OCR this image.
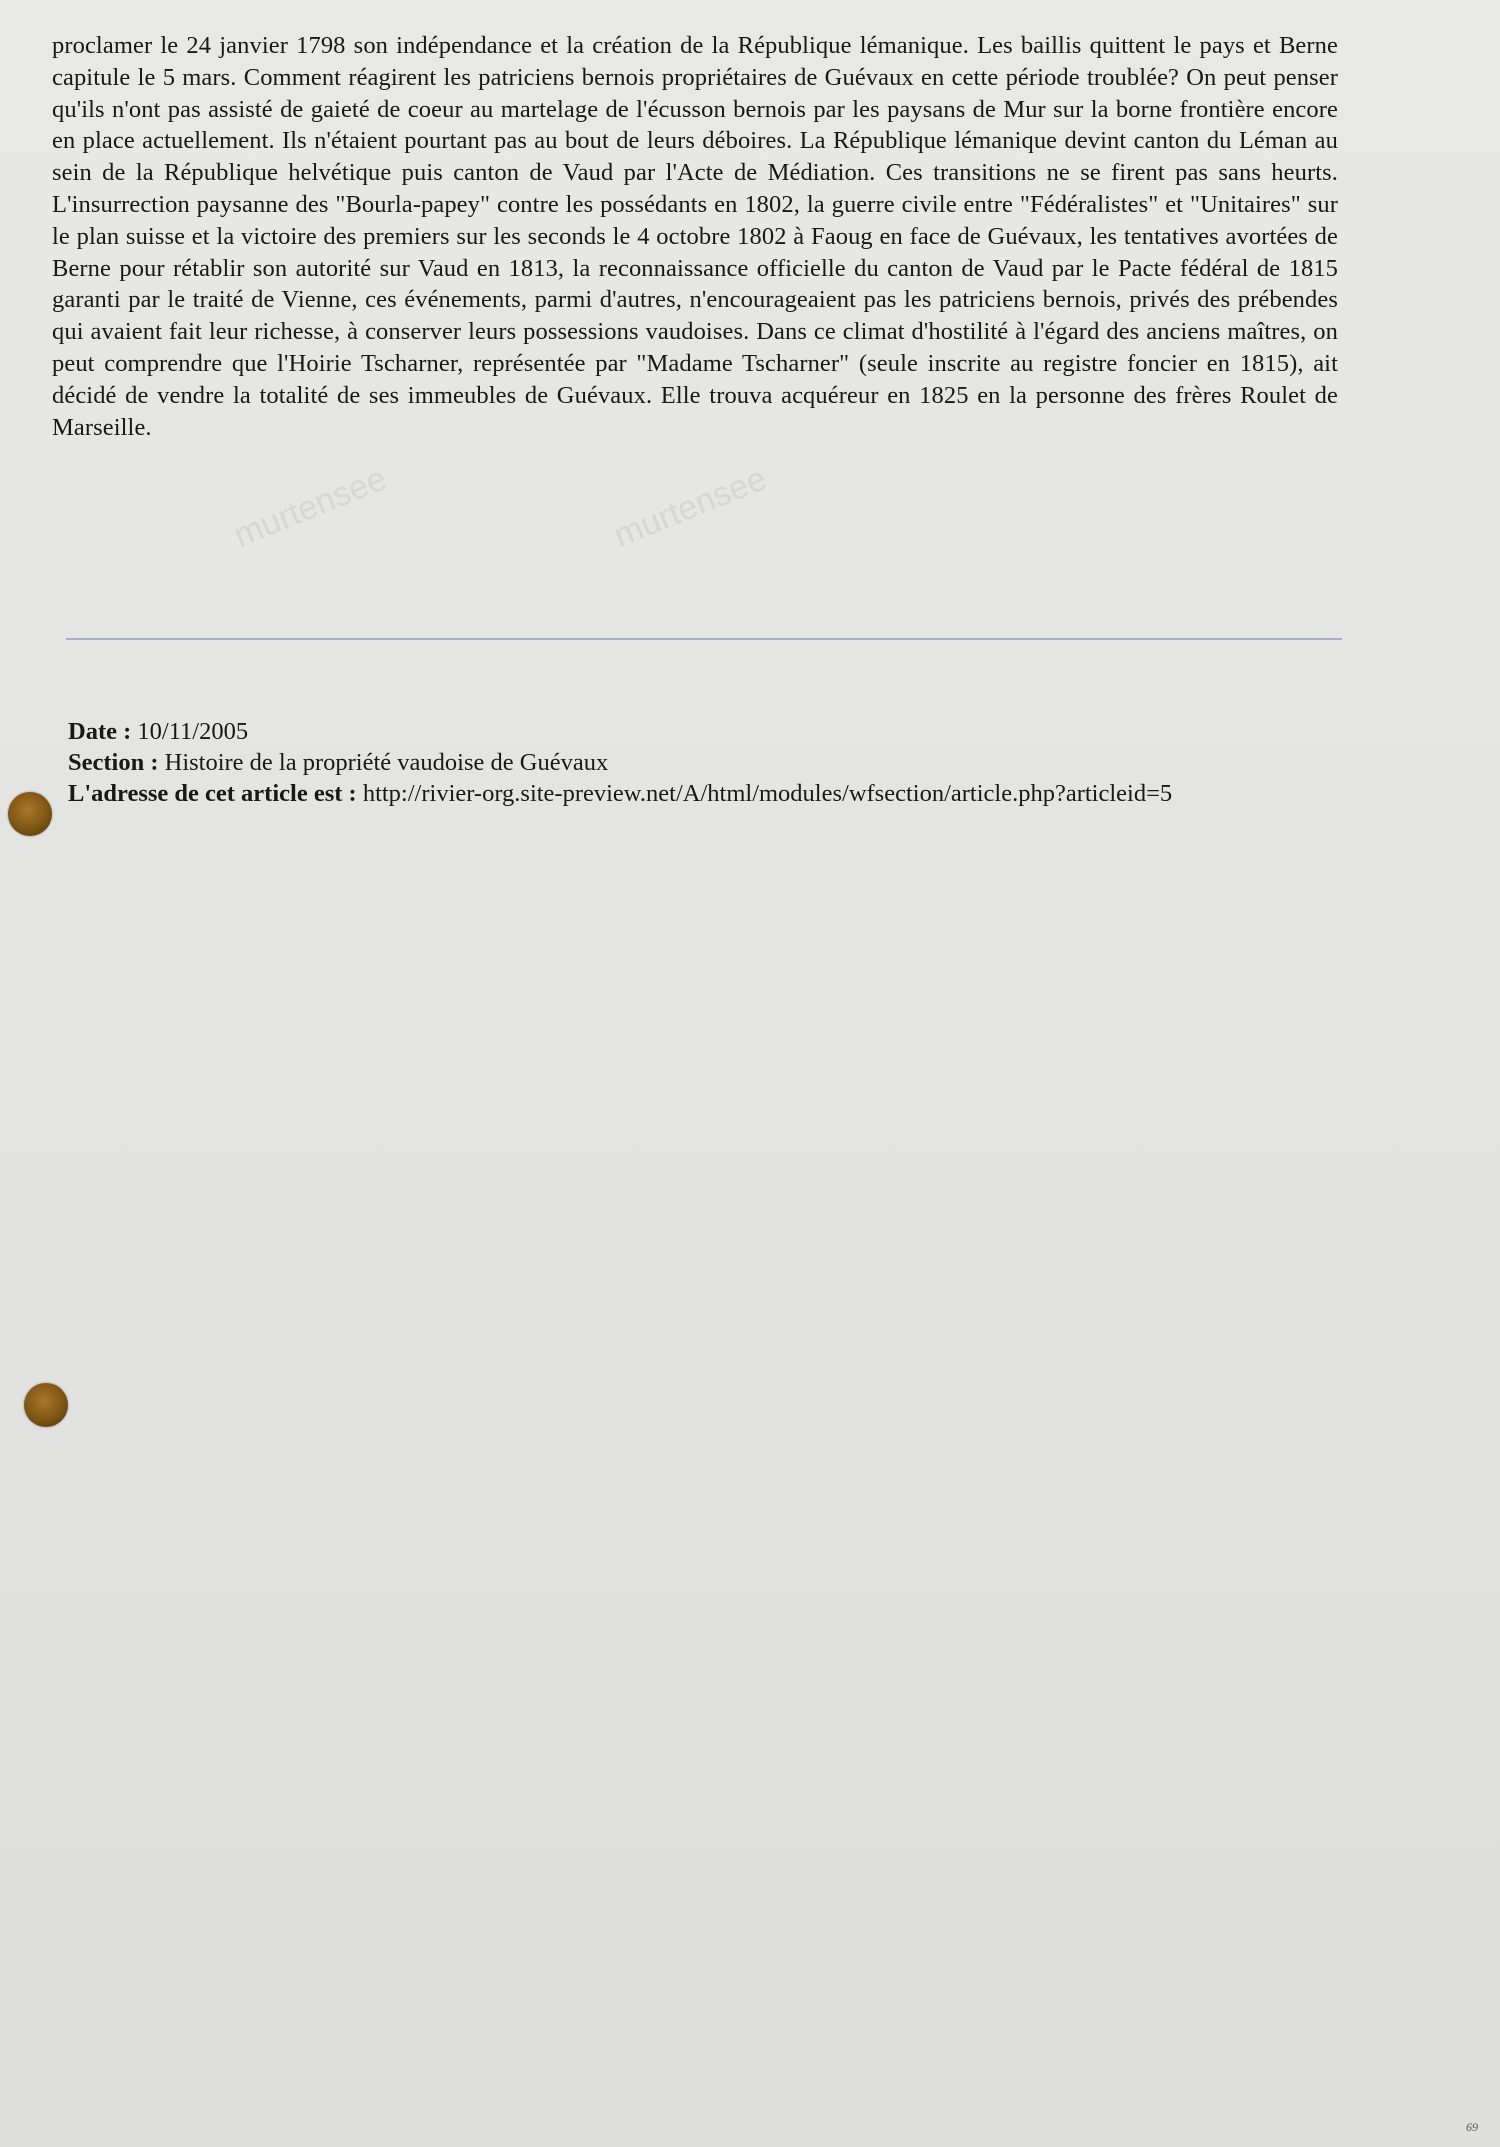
murtensee	murtensee

proclamer le 24 janvier 1798 son indépendance et la création de la République lémanique. Les baillis quittent le pays et Berne capitule le 5 mars. Comment réagirent les patriciens bernois propriétaires de Guévaux en cette période troublée? On peut penser qu'ils n'ont pas assisté de gaieté de coeur au martelage de l'écusson bernois par les paysans de Mur sur la borne frontière encore en place actuellement. Ils n'étaient pourtant pas au bout de leurs déboires. La République lémanique devint canton du Léman au sein de la République helvétique puis canton de Vaud par l'Acte de Médiation. Ces transitions ne se firent pas sans heurts. L'insurrection paysanne des "Bourla-papey" contre les possédants en 1802, la guerre civile entre "Fédéralistes" et "Unitaires" sur le plan suisse et la victoire des premiers sur les seconds le 4 octobre 1802 à Faoug en face de Guévaux, les tentatives avortées de Berne pour rétablir son autorité sur Vaud en 1813, la reconnaissance officielle du canton de Vaud par le Pacte fédéral de 1815 garanti par le traité de Vienne, ces événements, parmi d'autres, n'encourageaient pas les patriciens bernois, privés des prébendes qui avaient fait leur richesse, à conserver leurs possessions vaudoises. Dans ce climat d'hostilité à l'égard des anciens maîtres, on peut comprendre que l'Hoirie Tscharner, représentée par "Madame Tscharner" (seule inscrite au registre foncier en 1815), ait décidé de vendre la totalité de ses immeubles de Guévaux. Elle trouva acquéreur en 1825 en la personne des frères Roulet de Marseille.

Date : 10/11/2005
Section : Histoire de la propriété vaudoise de Guévaux
L'adresse de cet article est : http://rivier-org.site-preview.net/A/html/modules/wfsection/article.php?articleid=5
69
